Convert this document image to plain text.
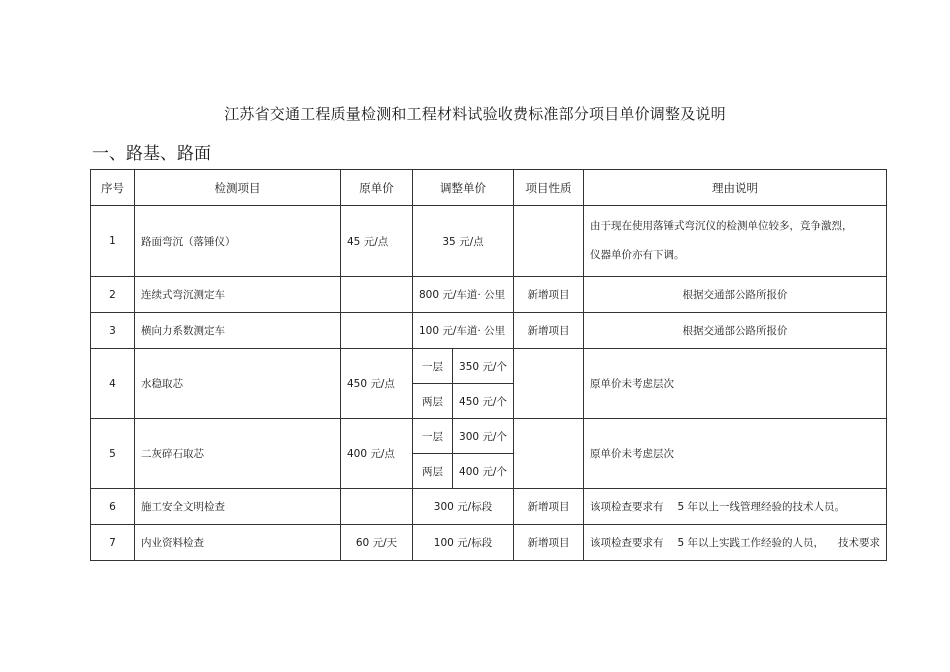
江苏省交通工程质量检测和工程材料试验收费标准部分项目单价调整及说明
一、路基、路面
序号	检测项目	原单价	调整单价		项目性质	理由说明
1	路面弯沉（落锤仪）	45 元/点	35 元/点			由于现在使用落锤式弯沉仪的检测单位较多，竞争激烈，
仪器单价亦有下调。

2	连续式弯沉测定车		800 元/车道· 公里		新增项目	根据交通部公路所报价
3	横向力系数测定车		100 元/车道· 公里		新增项目	根据交通部公路所报价
4	水稳取芯	450 元/点	一层	350 元/个		原单价未考虑层次
			两层	450 元/个		
5	二灰碎石取芯	400 元/点	一层	300 元/个		原单价未考虑层次
			两层	400 元/个		
6	施工安全文明检查		300 元/标段		新增项目	该项检查要求有 5 年以上一线管理经验的技术人员。
7	内业资料检查	60 元/天	100 元/标段		新增项目	该项检查要求有 5 年以上实践工作经验的人员， 技术要求
